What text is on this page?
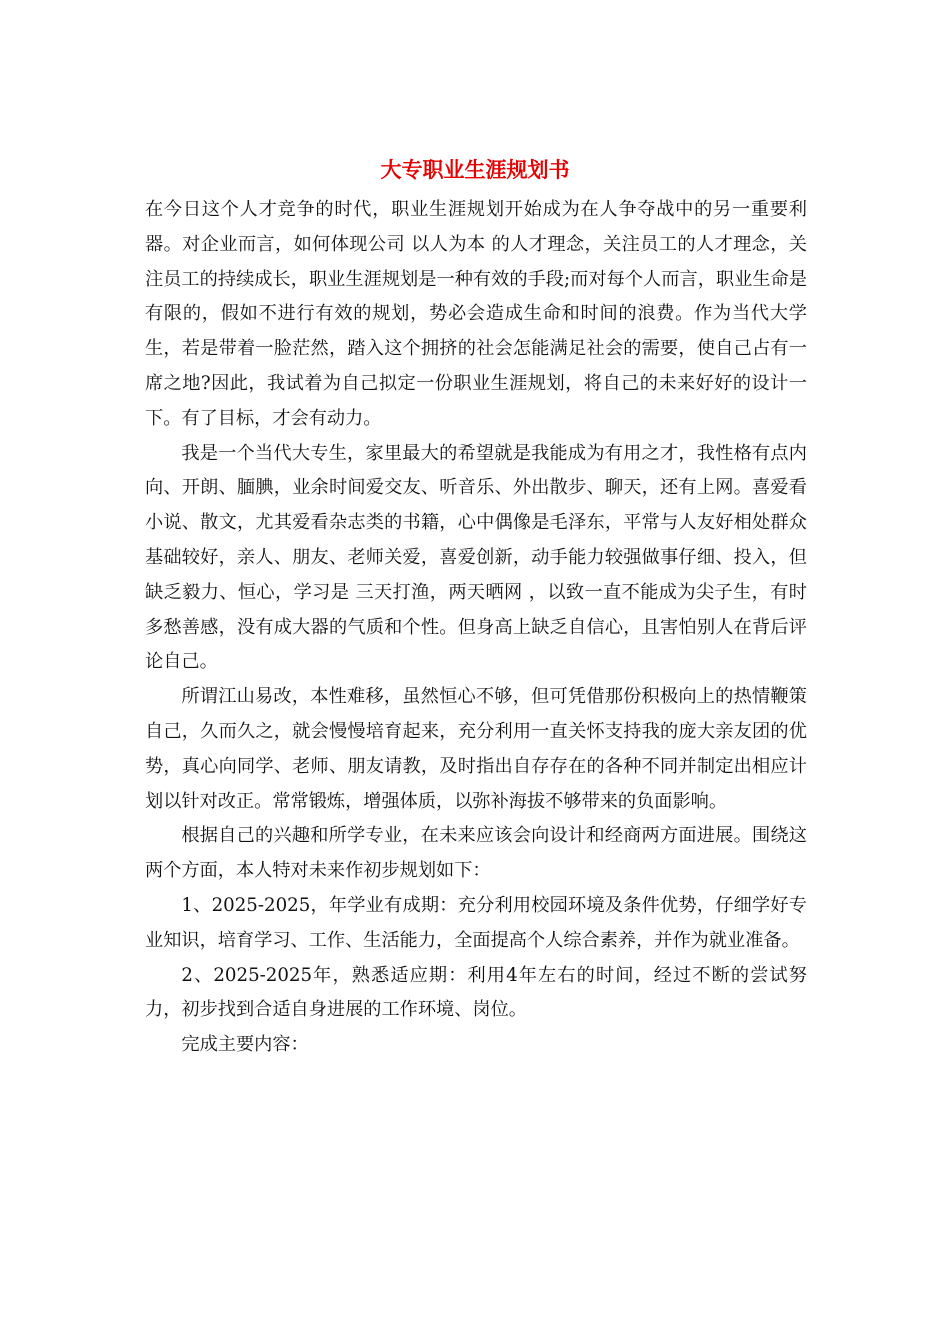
大专职业生涯规划书

在今日这个人才竞争的时代，职业生涯规划开始成为在人争夺战中的另一重要利器。对企业而言，如何体现公司 以人为本 的人才理念，关注员工的人才理念，关注员工的持续成长，职业生涯规划是一种有效的手段;而对每个人而言，职业生命是有限的，假如不进行有效的规划，势必会造成生命和时间的浪费。作为当代大学生，若是带着一脸茫然，踏入这个拥挤的社会怎能满足社会的需要，使自己占有一席之地?因此，我试着为自己拟定一份职业生涯规划，将自己的未来好好的设计一下。有了目标，才会有动力。

我是一个当代大专生，家里最大的希望就是我能成为有用之才，我性格有点内向、开朗、腼腆，业余时间爱交友、听音乐、外出散步、聊天，还有上网。喜爱看小说、散文，尤其爱看杂志类的书籍，心中偶像是毛泽东，平常与人友好相处群众基础较好，亲人、朋友、老师关爱，喜爱创新，动手能力较强做事仔细、投入，但缺乏毅力、恒心，学习是 三天打渔，两天晒网 ，以致一直不能成为尖子生，有时多愁善感，没有成大器的气质和个性。但身高上缺乏自信心，且害怕别人在背后评论自己。

所谓江山易改，本性难移，虽然恒心不够，但可凭借那份积极向上的热情鞭策自己，久而久之，就会慢慢培育起来，充分利用一直关怀支持我的庞大亲友团的优势，真心向同学、老师、朋友请教，及时指出自存存在的各种不同并制定出相应计划以针对改正。常常锻炼，增强体质，以弥补海拔不够带来的负面影响。

根据自己的兴趣和所学专业，在未来应该会向设计和经商两方面进展。围绕这两个方面，本人特对未来作初步规划如下：

1、2025-2025，年学业有成期：充分利用校园环境及条件优势，仔细学好专业知识，培育学习、工作、生活能力，全面提高个人综合素养，并作为就业准备。

2、2025-2025年，熟悉适应期：利用4年左右的时间，经过不断的尝试努力，初步找到合适自身进展的工作环境、岗位。

完成主要内容：
